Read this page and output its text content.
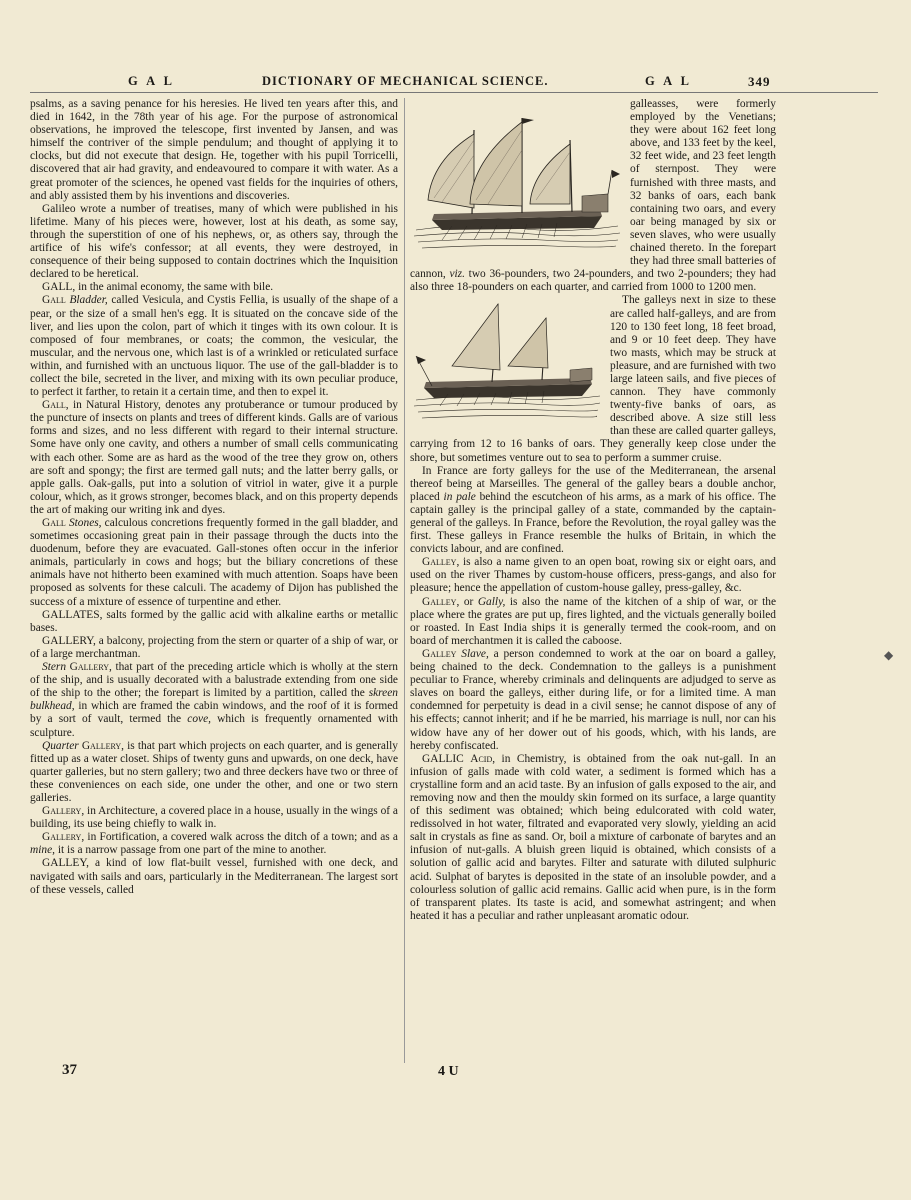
G A L	DICTIONARY OF MECHANICAL SCIENCE.	G A L	349

psalms, as a saving penance for his heresies. He lived ten years after this, and died in 1642, in the 78th year of his age. For the purpose of astronomical observations, he improved the telescope, first invented by Jansen, and was himself the contriver of the simple pendulum; and thought of applying it to clocks, but did not execute that design. He, together with his pupil Torricelli, discovered that air had gravity, and endeavoured to compare it with water. As a great promoter of the sciences, he opened vast fields for the inquiries of others, and ably assisted them by his inventions and discoveries.

Galileo wrote a number of treatises, many of which were published in his lifetime. Many of his pieces were, however, lost at his death, as some say, through the superstition of one of his nephews, or, as others say, through the artifice of his wife's confessor; at all events, they were destroyed, in consequence of their being supposed to contain doctrines which the Inquisition declared to be heretical.

GALL, in the animal economy, the same with bile.

Gall Bladder, called Vesicula, and Cystis Fellia, is usually of the shape of a pear, or the size of a small hen's egg. It is situated on the concave side of the liver, and lies upon the colon, part of which it tinges with its own colour. It is composed of four membranes, or coats; the common, the vesicular, the muscular, and the nervous one, which last is of a wrinkled or reticulated surface within, and furnished with an unctuous liquor. The use of the gall-bladder is to collect the bile, secreted in the liver, and mixing with its own peculiar produce, to perfect it farther, to retain it a certain time, and then to expel it.

Gall, in Natural History, denotes any protuberance or tumour produced by the puncture of insects on plants and trees of different kinds. Galls are of various forms and sizes, and no less different with regard to their internal structure. Some have only one cavity, and others a number of small cells communicating with each other. Some are as hard as the wood of the tree they grow on, others are soft and spongy; the first are termed gall nuts; and the latter berry galls, or apple galls. Oak-galls, put into a solution of vitriol in water, give it a purple colour, which, as it grows stronger, becomes black, and on this property depends the art of making our writing ink and dyes.

Gall Stones, calculous concretions frequently formed in the gall bladder, and sometimes occasioning great pain in their passage through the ducts into the duodenum, before they are evacuated. Gall-stones often occur in the inferior animals, particularly in cows and hogs; but the biliary concretions of these animals have not hitherto been examined with much attention. Soaps have been proposed as solvents for these calculi. The academy of Dijon has published the success of a mixture of essence of turpentine and ether.

GALLATES, salts formed by the gallic acid with alkaline earths or metallic bases.

GALLERY, a balcony, projecting from the stern or quarter of a ship of war, or of a large merchantman.

Stern Gallery, that part of the preceding article which is wholly at the stern of the ship, and is usually decorated with a balustrade extending from one side of the ship to the other; the forepart is limited by a partition, called the skreen bulkhead, in which are framed the cabin windows, and the roof of it is formed by a sort of vault, termed the cove, which is frequently ornamented with sculpture.

Quarter Gallery, is that part which projects on each quarter, and is generally fitted up as a water closet. Ships of twenty guns and upwards, on one deck, have quarter galleries, but no stern gallery; two and three deckers have two or three of these conveniences on each side, one under the other, and one or two stern galleries.

Gallery, in Architecture, a covered place in a house, usually in the wings of a building, its use being chiefly to walk in.

Gallery, in Fortification, a covered walk across the ditch of a town; and as a mine, it is a narrow passage from one part of the mine to another.

GALLEY, a kind of low flat-built vessel, furnished with one deck, and navigated with sails and oars, particularly in the Mediterranean. The largest sort of these vessels, called

galleasses, were formerly employed by the Venetians; they were about 162 feet long above, and 133 feet by the keel, 32 feet wide, and 23 feet length of sternpost. They were furnished with three masts, and 32 banks of oars, each bank containing two oars, and every oar being managed by six or seven slaves, who were usually chained thereto. In the forepart they had three small batteries of cannon, viz. two 36-pounders, two 24-pounders, and two 2-pounders; they had also three 18-pounders on each quarter, and carried from 1000 to 1200 men.

The galleys next in size to these are called half-galleys, and are from 120 to 130 feet long, 18 feet broad, and 9 or 10 feet deep. They have two masts, which may be struck at pleasure, and are furnished with two large lateen sails, and five pieces of cannon. They have commonly twenty-five banks of oars, as described above. A size still less than these are called quarter galleys, carrying from 12 to 16 banks of oars. They generally keep close under the shore, but sometimes venture out to sea to perform a summer cruise.

In France are forty galleys for the use of the Mediterranean, the arsenal thereof being at Marseilles. The general of the galley bears a double anchor, placed in pale behind the escutcheon of his arms, as a mark of his office. The captain galley is the principal galley of a state, commanded by the captain-general of the galleys. In France, before the Revolution, the royal galley was the first. These galleys in France resemble the hulks of Britain, in which the convicts labour, and are confined.

Galley, is also a name given to an open boat, rowing six or eight oars, and used on the river Thames by custom-house officers, press-gangs, and also for pleasure; hence the appellation of custom-house galley, press-galley, &c.

Galley, or Gally, is also the name of the kitchen of a ship of war, or the place where the grates are put up, fires lighted, and the victuals generally boiled or roasted. In East India ships it is generally termed the cook-room, and on board of merchantmen it is called the caboose.

Galley Slave, a person condemned to work at the oar on board a galley, being chained to the deck. Condemnation to the galleys is a punishment peculiar to France, whereby criminals and delinquents are adjudged to serve as slaves on board the galleys, either during life, or for a limited time. A man condemned for perpetuity is dead in a civil sense; he cannot dispose of any of his effects; cannot inherit; and if he be married, his marriage is null, nor can his widow have any of her dower out of his goods, which, with his lands, are hereby confiscated.

GALLIC Acid, in Chemistry, is obtained from the oak nut-gall. In an infusion of galls made with cold water, a sediment is formed which has a crystalline form and an acid taste. By an infusion of galls exposed to the air, and removing now and then the mouldy skin formed on its surface, a large quantity of this sediment was obtained; which being edulcorated with cold water, redissolved in hot water, filtrated and evaporated very slowly, yielding an acid salt in crystals as fine as sand. Or, boil a mixture of carbonate of barytes and an infusion of nut-galls. A bluish green liquid is obtained, which consists of a solution of gallic acid and barytes. Filter and saturate with diluted sulphuric acid. Sulphat of barytes is deposited in the state of an insoluble powder, and a colourless solution of gallic acid remains. Gallic acid when pure, is in the form of transparent plates. Its taste is acid, and somewhat astringent; and when heated it has a peculiar and rather unpleasant aromatic odour.

37	4 U
◆
